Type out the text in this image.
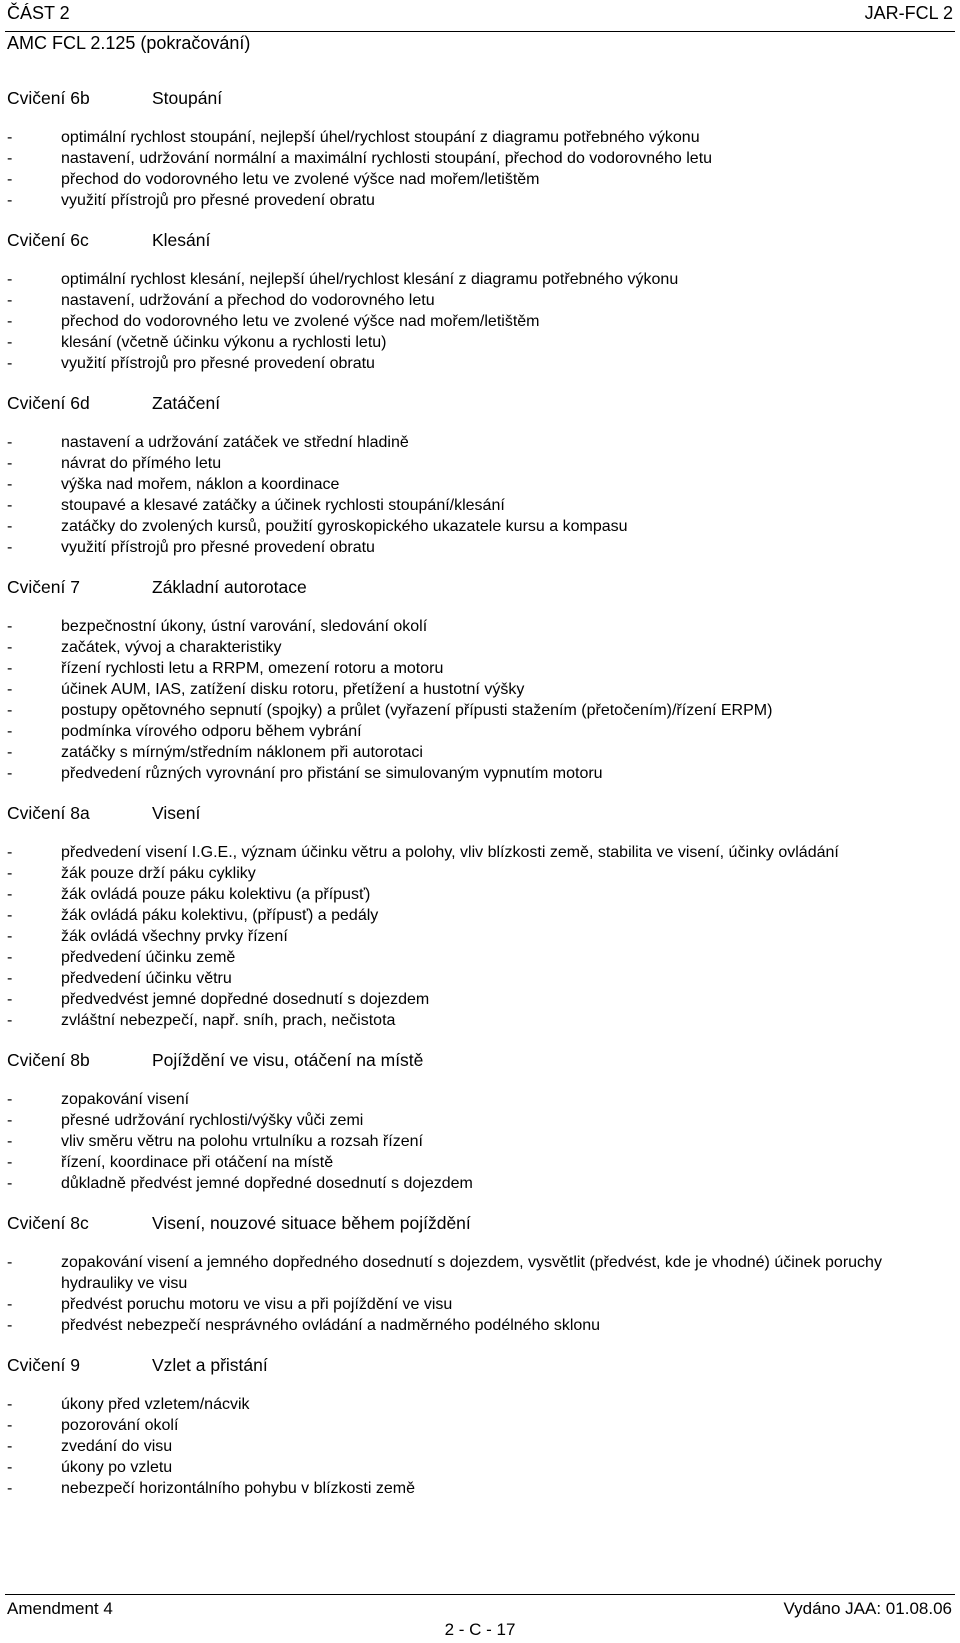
ČÁST 2	JAR-FCL 2
AMC FCL 2.125 (pokračování)
Cvičení 6b	Stoupání
-	optimální rychlost stoupání, nejlepší úhel/rychlost stoupání z diagramu potřebného výkonu
-	nastavení, udržování normální a maximální rychlosti stoupání, přechod do vodorovného letu
-	přechod do vodorovného letu ve zvolené výšce nad mořem/letištěm
-	využití přístrojů pro přesné provedení obratu
Cvičení 6c	Klesání
-	optimální rychlost klesání, nejlepší úhel/rychlost klesání z diagramu potřebného výkonu
-	nastavení, udržování a přechod do vodorovného letu
-	přechod do vodorovného letu ve zvolené výšce nad mořem/letištěm
-	klesání (včetně účinku výkonu a rychlosti letu)
-	využití přístrojů pro přesné provedení obratu
Cvičení 6d	Zatáčení
-	nastavení a udržování zatáček ve střední hladině
-	návrat do přímého letu
-	výška nad mořem, náklon a koordinace
-	stoupavé a klesavé zatáčky a účinek rychlosti stoupání/klesání
-	zatáčky do zvolených kursů, použití gyroskopického ukazatele kursu a kompasu
-	využití přístrojů pro přesné provedení obratu
Cvičení 7	Základní autorotace
-	bezpečnostní úkony, ústní varování, sledování okolí
-	začátek, vývoj a charakteristiky
-	řízení rychlosti letu a RRPM, omezení rotoru a motoru
-	účinek AUM, IAS, zatížení disku rotoru, přetížení a hustotní výšky
-	postupy opětovného sepnutí (spojky) a průlet (vyřazení přípusti stažením (přetočením)/řízení ERPM)
-	podmínka vírového odporu během vybrání
-	zatáčky s mírným/středním náklonem při autorotaci
-	předvedení různých vyrovnání pro přistání se simulovaným vypnutím motoru
Cvičení 8a	Visení
-	předvedení visení I.G.E., význam účinku větru a polohy, vliv blízkosti země, stabilita ve visení, účinky ovládání
-	žák pouze drží páku cykliky
-	žák ovládá pouze páku kolektivu (a přípusť)
-	žák ovládá páku kolektivu, (přípusť) a pedály
-	žák ovládá všechny prvky řízení
-	předvedení účinku země
-	předvedení účinku větru
-	předvedvést jemné dopředné dosednutí s dojezdem
-	zvláštní nebezpečí, např. sníh, prach, nečistota
Cvičení 8b	Pojíždění ve visu, otáčení na místě
-	zopakování visení
-	přesné udržování rychlosti/výšky vůči zemi
-	vliv směru větru na polohu vrtulníku a rozsah řízení
-	řízení, koordinace při otáčení na místě
-	důkladně předvést jemné dopředné dosednutí s dojezdem
Cvičení 8c	Visení, nouzové situace během pojíždění
-	zopakování visení a jemného dopředného dosednutí s dojezdem, vysvětlit (předvést, kde je vhodné) účinek poruchy hydrauliky ve visu
-	předvést poruchu motoru ve visu a při pojíždění ve visu
-	předvést nebezpečí nesprávného ovládání a nadměrného podélného sklonu
Cvičení 9	Vzlet a přistání
-	úkony před vzletem/nácvik
-	pozorování okolí
-	zvedání do visu
-	úkony po vzletu
-	nebezpečí horizontálního pohybu v blízkosti země
Amendment 4	Vydáno JAA: 01.08.06
2 - C - 17
